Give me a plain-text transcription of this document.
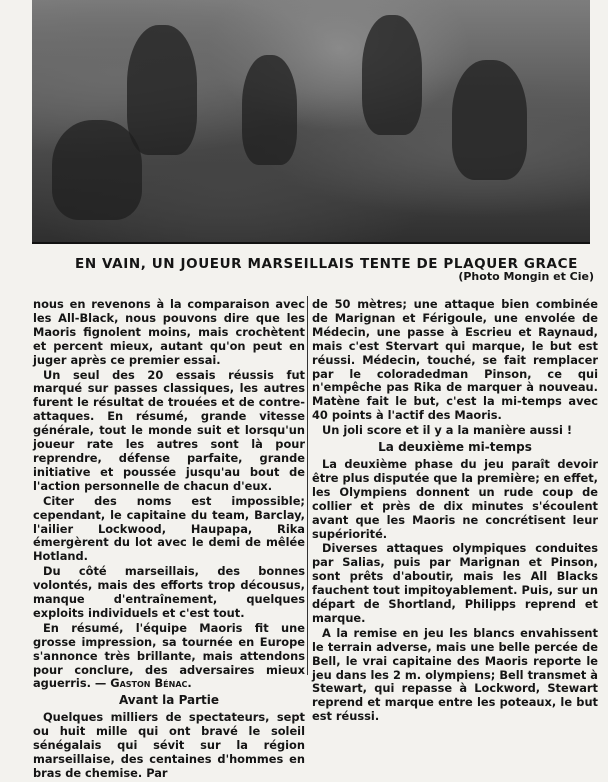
EN VAIN, UN JOUEUR MARSEILLAIS TENTE DE PLAQUER GRACE
(Photo Mongin et Cie)

nous en revenons à la comparaison avec les All-Black, nous pouvons dire que les Maoris fignolent moins, mais crochètent et percent mieux, autant qu'on peut en juger après ce premier essai.

Un seul des 20 essais réussis fut marqué sur passes classiques, les autres furent le résultat de trouées et de contre-attaques. En résumé, grande vitesse générale, tout le monde suit et lorsqu'un joueur rate les autres sont là pour reprendre, défense parfaite, grande initiative et poussée jusqu'au bout de l'action personnelle de chacun d'eux.

Citer des noms est impossible; cependant, le capitaine du team, Barclay, l'ailier Lockwood, Haupapa, Rika émergèrent du lot avec le demi de mêlée Hotland.

Du côté marseillais, des bonnes volontés, mais des efforts trop décousus, manque d'entraînement, quelques exploits individuels et c'est tout.

En résumé, l'équipe Maoris fit une grosse impression, sa tournée en Europe s'annonce très brillante, mais attendons pour conclure, des adversaires mieux aguerris. — Gaston Bénac.

Avant la Partie

Quelques milliers de spectateurs, sept ou huit mille qui ont bravé le soleil sénégalais qui sévit sur la région marseillaise, des centaines d'hommes en bras de chemise. Par

de 50 mètres; une attaque bien combinée de Marignan et Férigoule, une envolée de Médecin, une passe à Escrieu et Raynaud, mais c'est Stervart qui marque, le but est réussi. Médecin, touché, se fait remplacer par le coloradedman Pinson, ce qui n'empêche pas Rika de marquer à nouveau. Matène fait le but, c'est la mi-temps avec 40 points à l'actif des Maoris.

Un joli score et il y a la manière aussi !

La deuxième mi-temps

La deuxième phase du jeu paraît devoir être plus disputée que la première; en effet, les Olympiens donnent un rude coup de collier et près de dix minutes s'écoulent avant que les Maoris ne concrétisent leur supériorité.

Diverses attaques olympiques conduites par Salias, puis par Marignan et Pinson, sont prêts d'aboutir, mais les All Blacks fauchent tout impitoyablement. Puis, sur un départ de Shortland, Philipps reprend et marque.

A la remise en jeu les blancs envahissent le terrain adverse, mais une belle percée de Bell, le vrai capitaine des Maoris reporte le jeu dans les 2 m. olympiens; Bell transmet à Stewart, qui repasse à Lockword, Stewart reprend et marque entre les poteaux, le but est réussi.
